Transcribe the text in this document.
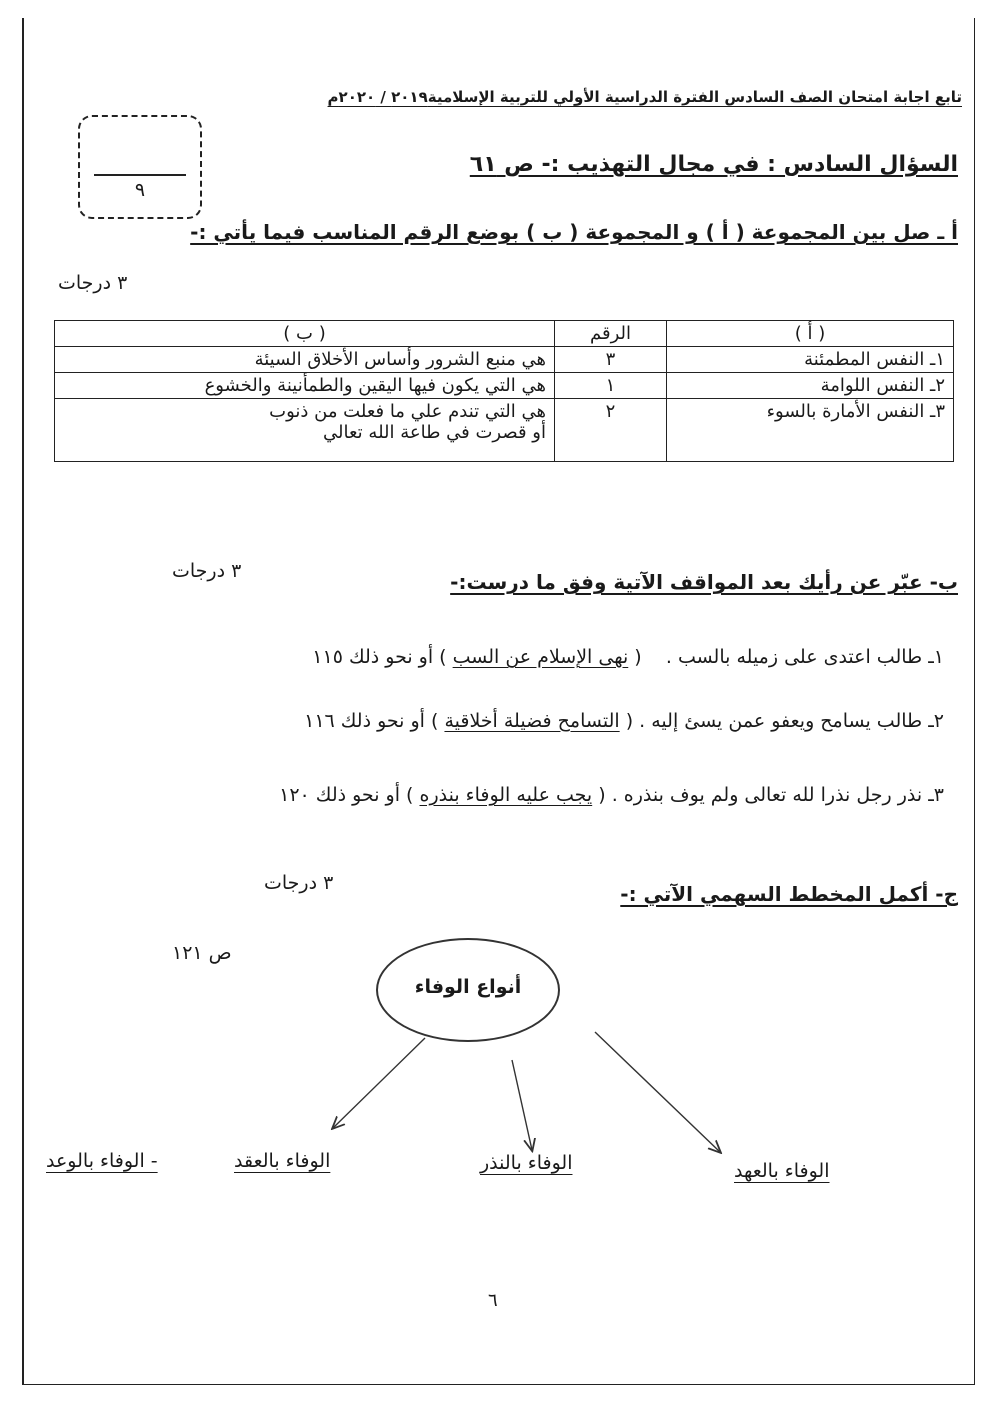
تابع اجابة امتحان الصف السادس الفترة الدراسية الأولي للتربية الإسلامية٢٠١٩ / ٢٠٢٠م
٩
السؤال السادس : في مجال التهذيب :- ص ٦١
أ ـ صل بين المجموعة ( أ ) و المجموعة ( ب ) بوضع الرقم المناسب فيما يأتي :-
٣ درجات
( أ )	الرقم	( ب )
١ـ النفس المطمئنة	٣	هي منبع الشرور وأساس الأخلاق السيئة
٢ـ النفس اللوامة	١	هي التي يكون فيها اليقين والطمأنينة والخشوع
٣ـ النفس الأمارة بالسوء	٢	هي التي تندم علي ما فعلت من ذنوب
أو قصرت في طاعة الله تعالي
ب- عبّر عن رأيك بعد المواقف الآتية وفق ما درست:-
٣ درجات
١ـ طالب اعتدى على زميله بالسب .    ( نهى الإسلام عن السب ) أو نحو ذلك ١١٥
٢ـ طالب يسامح ويعفو عمن يسئ إليه . ( التسامح فضيلة أخلاقية ) أو نحو ذلك ١١٦
٣ـ نذر رجل نذرا لله تعالى ولم يوف بنذره . ( يجب عليه الوفاء بنذره ) أو نحو ذلك ١٢٠
ج- أكمل المخطط السهمي الآتي :-
٣ درجات
ص ١٢١
أنواع الوفاء
الوفاء بالعهد
الوفاء بالنذر
الوفاء بالعقد
- الوفاء بالوعد
٦
